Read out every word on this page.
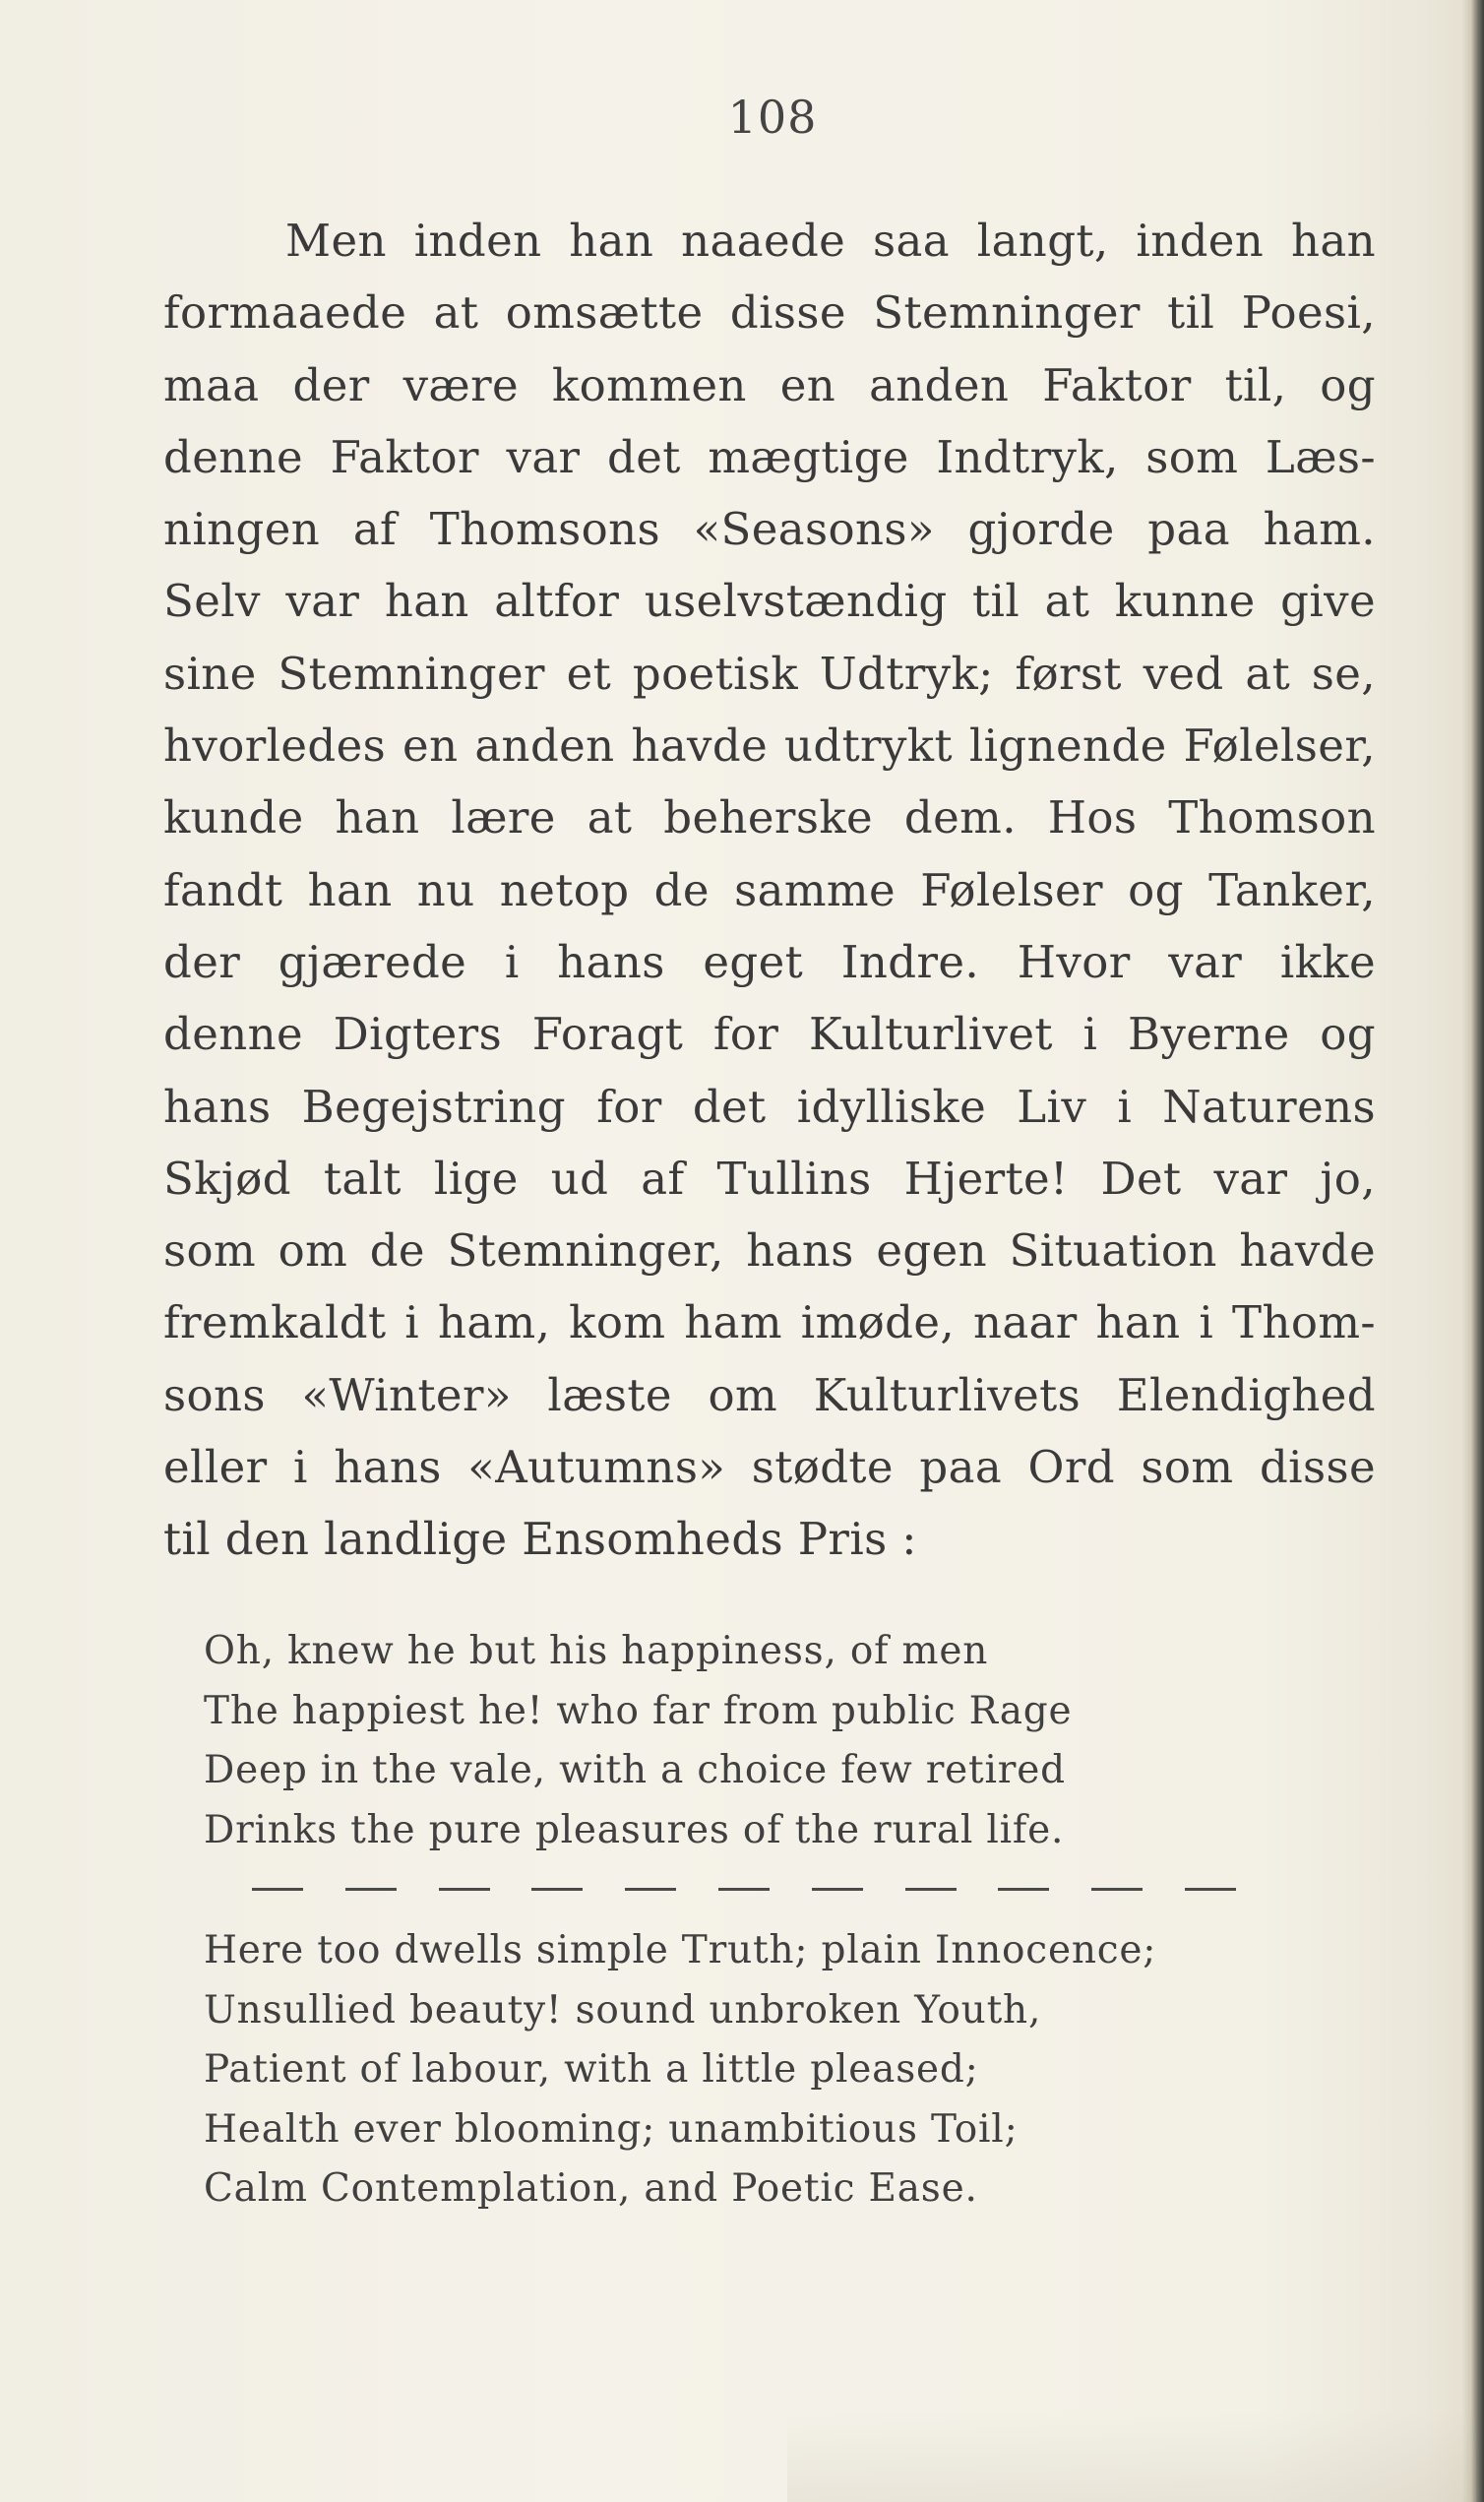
108
Men inden han naaede saa langt, inden han
formaaede at omsætte disse Stemninger til Poesi,
maa der være kommen en anden Faktor til, og
denne Faktor var det mægtige Indtryk, som Læs-
ningen af Thomsons «Seasons» gjorde paa ham.
Selv var han altfor uselvstændig til at kunne give
sine Stemninger et poetisk Udtryk; først ved at se,
hvorledes en anden havde udtrykt lignende Følelser,
kunde han lære at beherske dem. Hos Thomson
fandt han nu netop de samme Følelser og Tanker,
der gjærede i hans eget Indre. Hvor var ikke
denne Digters Foragt for Kulturlivet i Byerne og
hans Begejstring for det idylliske Liv i Naturens
Skjød talt lige ud af Tullins Hjerte! Det var jo,
som om de Stemninger, hans egen Situation havde
fremkaldt i ham, kom ham imøde, naar han i Thom-
sons «Winter» læste om Kulturlivets Elendighed
eller i hans «Autumns» stødte paa Ord som disse
til den landlige Ensomheds Pris :
Oh, knew he but his happiness, of men
The happiest he! who far from public Rage
Deep in the vale, with a choice few retired
Drinks the pure pleasures of the rural life.
Here too dwells simple Truth; plain Innocence;
Unsullied beauty! sound unbroken Youth,
Patient of labour, with a little pleased;
Health ever blooming; unambitious Toil;
Calm Contemplation, and Poetic Ease.
